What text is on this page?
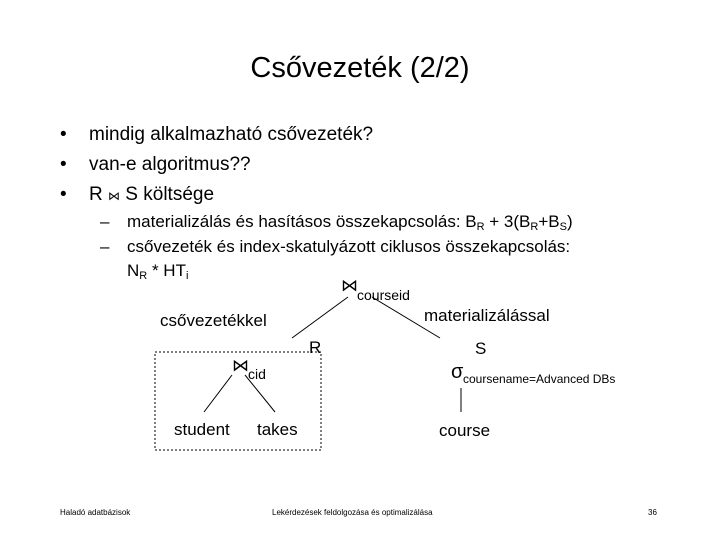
Csővezeték (2/2)
• mindig alkalmazható csővezeték?
• van-e algoritmus??
• R ⋈ S költsége
– materializálás és hasításos összekapcsolás: $B_R + 3(B_R+B_S)$
– csővezeték és index-skatulyázott ciklusos összekapcsolás:
$N_R * HT_i$	⋈ courseid
csővezetékkel	materializálással
R	S
⋈ cid	σ coursename=Advanced DBs
student takes	course
Haladó adatbázisok	Lekérdezések feldolgozása és optimalizálása	36
